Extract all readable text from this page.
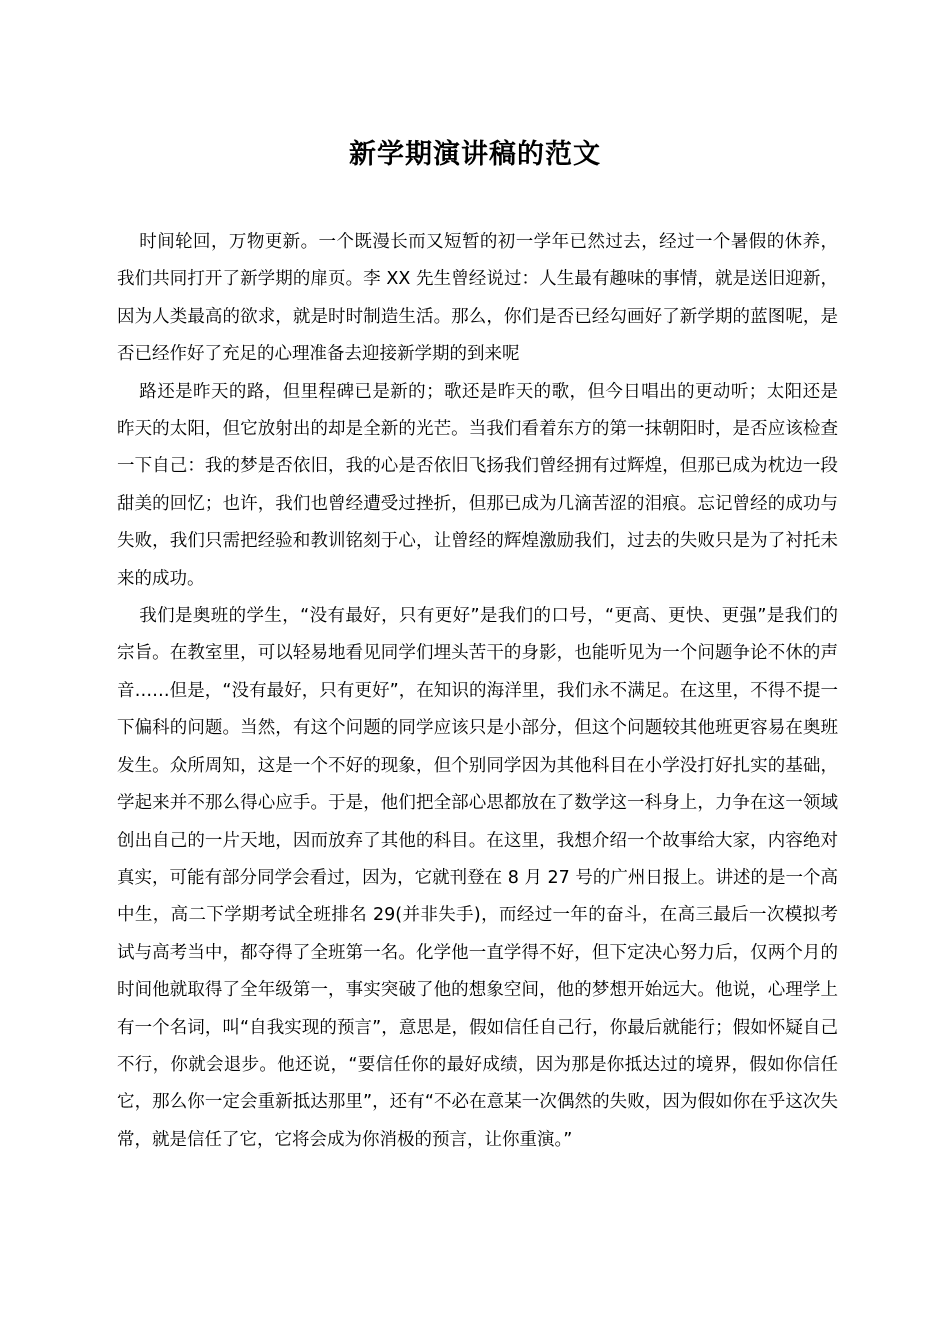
新学期演讲稿的范文

时间轮回，万物更新。一个既漫长而又短暂的初一学年已然过去，经过一个暑假的休养，我们共同打开了新学期的扉页。李 XX 先生曾经说过：人生最有趣味的事情，就是送旧迎新，因为人类最高的欲求，就是时时制造生活。那么，你们是否已经勾画好了新学期的蓝图呢，是否已经作好了充足的心理准备去迎接新学期的到来呢

路还是昨天的路，但里程碑已是新的；歌还是昨天的歌，但今日唱出的更动听；太阳还是昨天的太阳，但它放射出的却是全新的光芒。当我们看着东方的第一抹朝阳时，是否应该检查一下自己：我的梦是否依旧，我的心是否依旧飞扬我们曾经拥有过辉煌，但那已成为枕边一段甜美的回忆；也许，我们也曾经遭受过挫折，但那已成为几滴苦涩的泪痕。忘记曾经的成功与失败，我们只需把经验和教训铭刻于心，让曾经的辉煌激励我们，过去的失败只是为了衬托未来的成功。

我们是奥班的学生，“没有最好，只有更好”是我们的口号，“更高、更快、更强”是我们的宗旨。在教室里，可以轻易地看见同学们埋头苦干的身影，也能听见为一个问题争论不休的声音……但是，“没有最好，只有更好”，在知识的海洋里，我们永不满足。在这里，不得不提一下偏科的问题。当然，有这个问题的同学应该只是小部分，但这个问题较其他班更容易在奥班发生。众所周知，这是一个不好的现象，但个别同学因为其他科目在小学没打好扎实的基础，学起来并不那么得心应手。于是，他们把全部心思都放在了数学这一科身上，力争在这一领域创出自己的一片天地，因而放弃了其他的科目。在这里，我想介绍一个故事给大家，内容绝对真实，可能有部分同学会看过，因为，它就刊登在 8 月 27 号的广州日报上。讲述的是一个高中生，高二下学期考试全班排名 29(并非失手)，而经过一年的奋斗，在高三最后一次模拟考试与高考当中，都夺得了全班第一名。化学他一直学得不好，但下定决心努力后，仅两个月的时间他就取得了全年级第一，事实突破了他的想象空间，他的梦想开始远大。他说，心理学上有一个名词，叫“自我实现的预言”，意思是，假如信任自己行，你最后就能行；假如怀疑自己不行，你就会退步。他还说，“要信任你的最好成绩，因为那是你抵达过的境界，假如你信任它，那么你一定会重新抵达那里”，还有“不必在意某一次偶然的失败，因为假如你在乎这次失常，就是信任了它，它将会成为你消极的预言，让你重演。”
